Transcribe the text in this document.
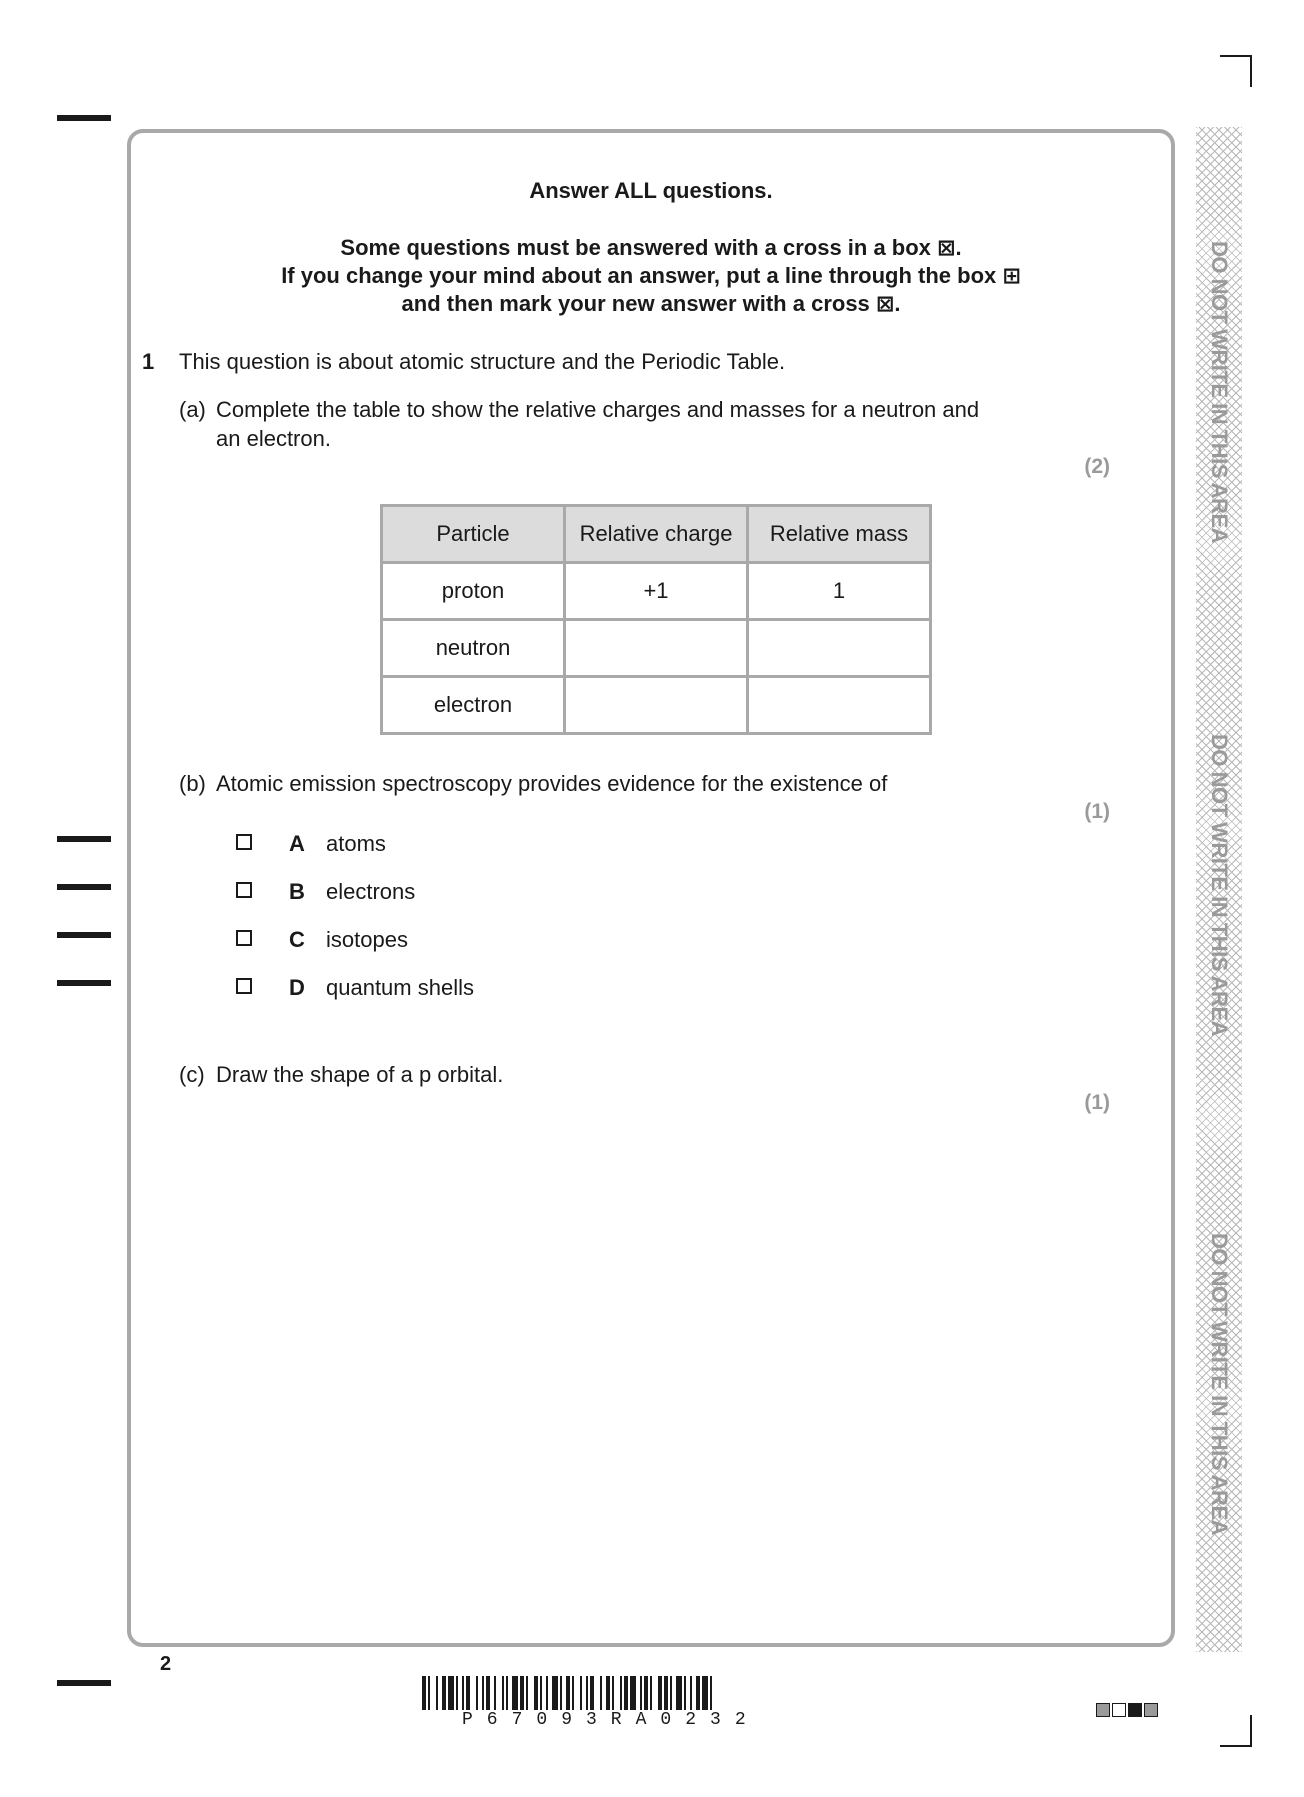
DO NOT WRITE IN THIS AREA
DO NOT WRITE IN THIS AREA
DO NOT WRITE IN THIS AREA
Answer ALL questions.
Some questions must be answered with a cross in a box ⊠.
If you change your mind about an answer, put a line through the box ⊞
and then mark your new answer with a cross ⊠.
1 This question is about atomic structure and the Periodic Table.
(a) Complete the table to show the relative charges and masses for a neutron and
an electron.
(2)
Particle	Relative charge	Relative mass
proton	+1	1
neutron		
electron		
(b) Atomic emission spectroscopy provides evidence for the existence of
(1)
A atoms
B electrons
C isotopes
D quantum shells
(c) Draw the shape of a p orbital.
(1)
2
P67093RA0232
